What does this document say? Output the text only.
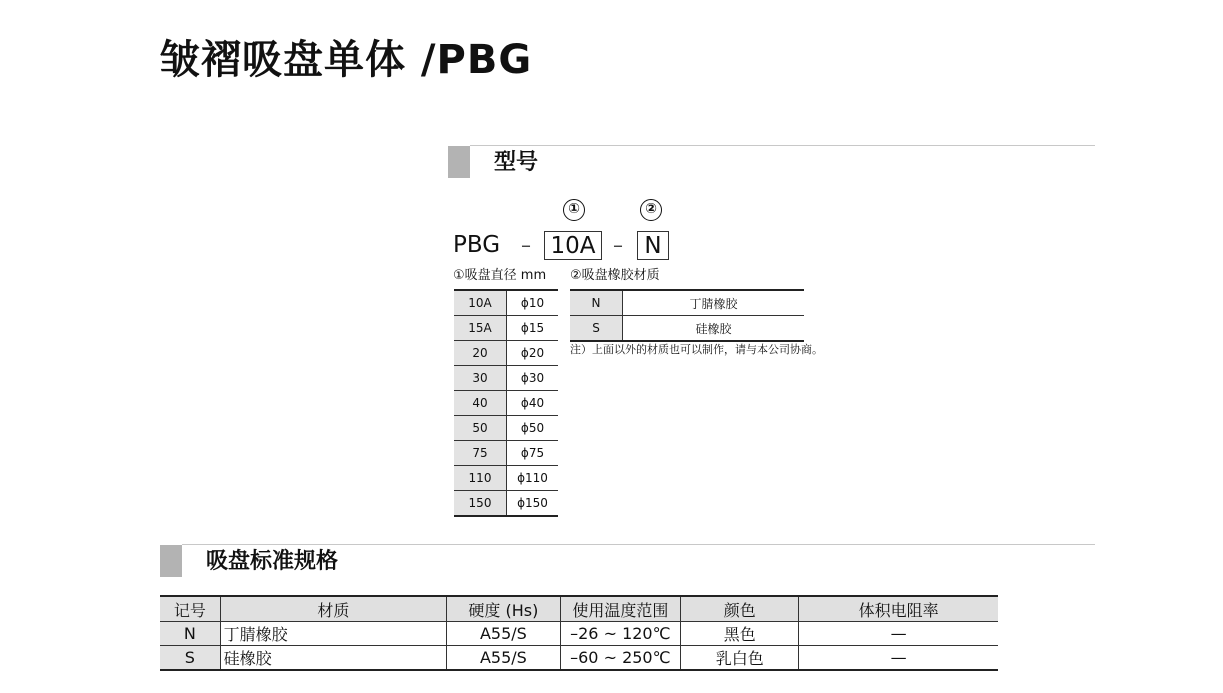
皱褶吸盘单体 /PBG
型号
①	②
PBG – 10A – N
①吸盘直径 mm ②吸盘橡胶材质
10A	ϕ10
15A	ϕ15
20	ϕ20
30	ϕ30
40	ϕ40
50	ϕ50
75	ϕ75
110	ϕ110
150	ϕ150
N	丁腈橡胶
S	硅橡胶
注）上面以外的材质也可以制作，请与本公司协商。
吸盘标准规格
记号	材质	硬度 (Hs)	使用温度范围	颜色	体积电阻率
N	丁腈橡胶	A55/S	–26 ~ 120℃	黑色	—
S	硅橡胶	A55/S	–60 ~ 250℃	乳白色	—
